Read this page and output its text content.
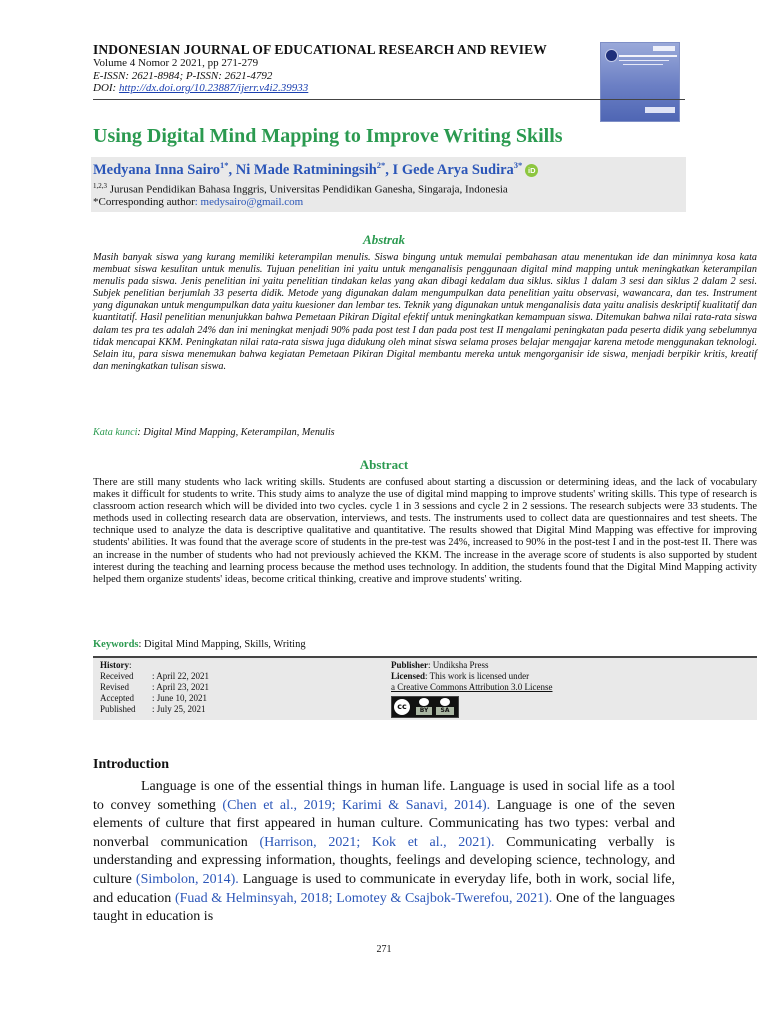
INDONESIAN JOURNAL OF EDUCATIONAL RESEARCH AND REVIEW
Volume 4 Nomor 2 2021, pp 271-279
E-ISSN: 2621-8984; P-ISSN: 2621-4792
DOI: http://dx.doi.org/10.23887/ijerr.v4i2.39933
Using Digital Mind Mapping to Improve Writing Skills
Medyana Inna Sairo$^{1*}$, Ni Made Ratminingsih$^{2*}$, I Gede Arya Sudira$^{3*}$iD
$^{1,2,3}$ Jurusan Pendidikan Bahasa Inggris, Universitas Pendidikan Ganesha, Singaraja, Indonesia
*Corresponding author: medysairo@gmail.com
Abstrak
Masih banyak siswa yang kurang memiliki keterampilan menulis. Siswa bingung untuk memulai pembahasan atau menentukan ide dan minimnya kosa kata membuat siswa kesulitan untuk menulis. Tujuan penelitian ini yaitu untuk menganalisis penggunaan digital mind mapping untuk meningkatkan keterampilan menulis pada siswa. Jenis penelitian ini yaitu penelitian tindakan kelas yang akan dibagi kedalam dua siklus. siklus 1 dalam 3 sesi dan siklus 2 dalam 2 sesi. Subjek penelitian berjumlah 33 peserta didik. Metode yang digunakan dalam mengumpulkan data penelitian yaitu observasi, wawancara, dan tes. Instrument yang digunakan untuk mengumpulkan data yaitu kuesioner dan lembar tes. Teknik yang digunakan untuk menganalisis data yaitu analisis deskriptif kualitatif dan kuantitatif. Hasil penelitian menunjukkan bahwa Pemetaan Pikiran Digital efektif untuk meningkatkan kemampuan siswa. Ditemukan bahwa nilai rata-rata siswa dalam tes pra tes adalah 24% dan ini meningkat menjadi 90% pada post test I dan pada post test II mengalami peningkatan pada peserta didik yang sebelumnya tidak mencapai KKM. Peningkatan nilai rata-rata siswa juga didukung oleh minat siswa selama proses belajar mengajar karena metode menggunakan teknologi. Selain itu, para siswa menemukan bahwa kegiatan Pemetaan Pikiran Digital membantu mereka untuk mengorganisir ide siswa, menjadi berpikir kritis, kreatif dan meningkatkan tulisan siswa.
Kata kunci: Digital Mind Mapping, Keterampilan, Menulis
Abstract
There are still many students who lack writing skills. Students are confused about starting a discussion or determining ideas, and the lack of vocabulary makes it difficult for students to write. This study aims to analyze the use of digital mind mapping to improve students' writing skills. This type of research is classroom action research which will be divided into two cycles. cycle 1 in 3 sessions and cycle 2 in 2 sessions. The research subjects were 33 students. The methods used in collecting research data are observation, interviews, and tests. The instruments used to collect data are questionnaires and test sheets. The technique used to analyze the data is descriptive qualitative and quantitative. The results showed that Digital Mind Mapping was effective for improving students' abilities. It was found that the average score of students in the pre-test was 24%, increased to 90% in the post-test I and in the post-test II. There was an increase in the number of students who had not previously achieved the KKM. The increase in the average score of students is also supported by student interest during the teaching and learning process because the method uses technology. In addition, the students found that the Digital Mind Mapping activity helped them organize students' ideas, become critical thinking, creative and improve students' writing.
Keywords: Digital Mind Mapping, Skills, Writing
History :
Received	: April 22, 2021
Revised	: April 23, 2021
Accepted	: June 10, 2021
Published	: July 25, 2021
Publisher : Undiksha Press
Licensed : This work is licensed under
a Creative Commons Attribution 3.0 License
cc	BY	SA
Introduction
Language is one of the essential things in human life. Language is used in social life as a tool to convey something (Chen et al., 2019; Karimi & Sanavi, 2014). Language is one of the seven elements of culture that first appeared in human culture. Communicating has two types: verbal and nonverbal communication (Harrison, 2021; Kok et al., 2021). Communicating verbally is understanding and expressing information, thoughts, feelings and developing science, technology, and culture (Simbolon, 2014). Language is used to communicate in everyday life, both in work, social life, and education (Fuad & Helminsyah, 2018; Lomotey & Csajbok-Twerefou, 2021). One of the languages taught in education is
271
